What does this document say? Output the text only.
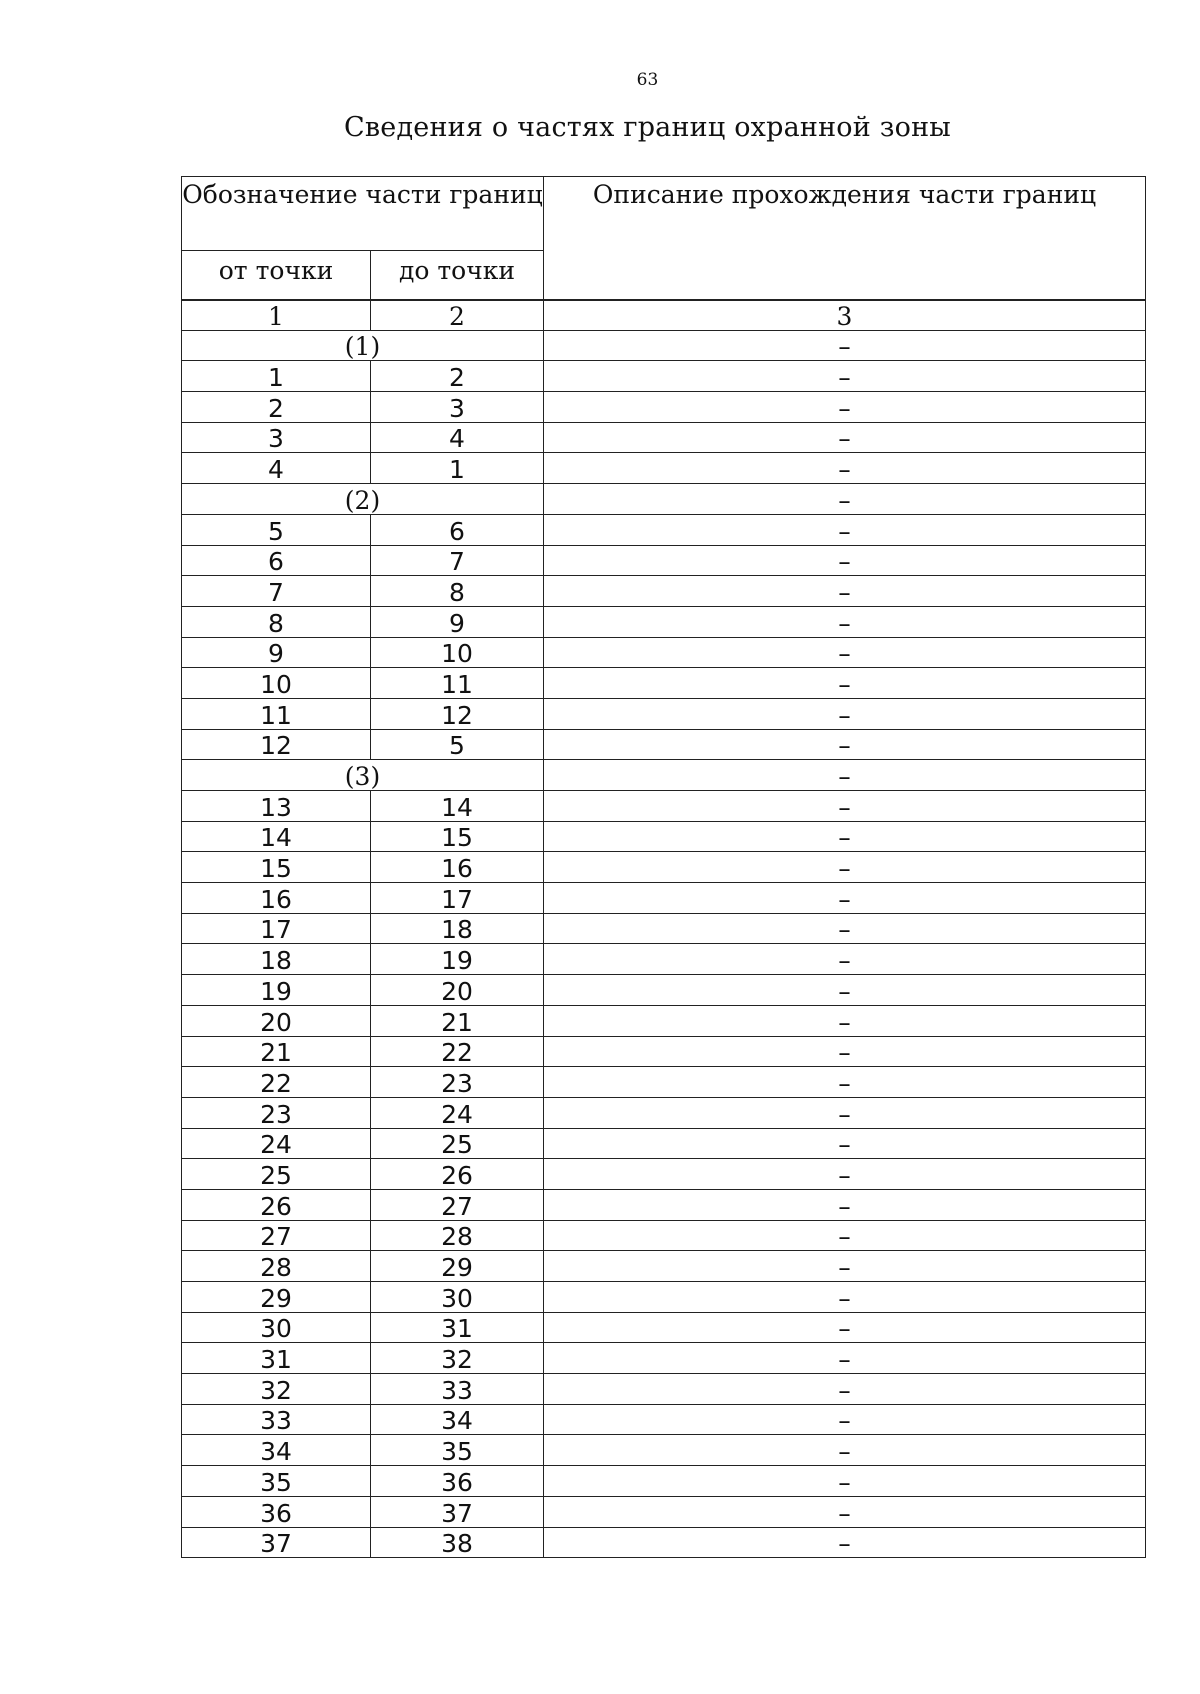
63
Сведения о частях границ охранной зоны
Обозначение части границ		Описание прохождения части границ
от точки	до точки	
1	2	3
(1)		–
1	2	–
2	3	–
3	4	–
4	1	–
(2)		–
5	6	–
6	7	–
7	8	–
8	9	–
9	10	–
10	11	–
11	12	–
12	5	–
(3)		–
13	14	–
14	15	–
15	16	–
16	17	–
17	18	–
18	19	–
19	20	–
20	21	–
21	22	–
22	23	–
23	24	–
24	25	–
25	26	–
26	27	–
27	28	–
28	29	–
29	30	–
30	31	–
31	32	–
32	33	–
33	34	–
34	35	–
35	36	–
36	37	–
37	38	–
